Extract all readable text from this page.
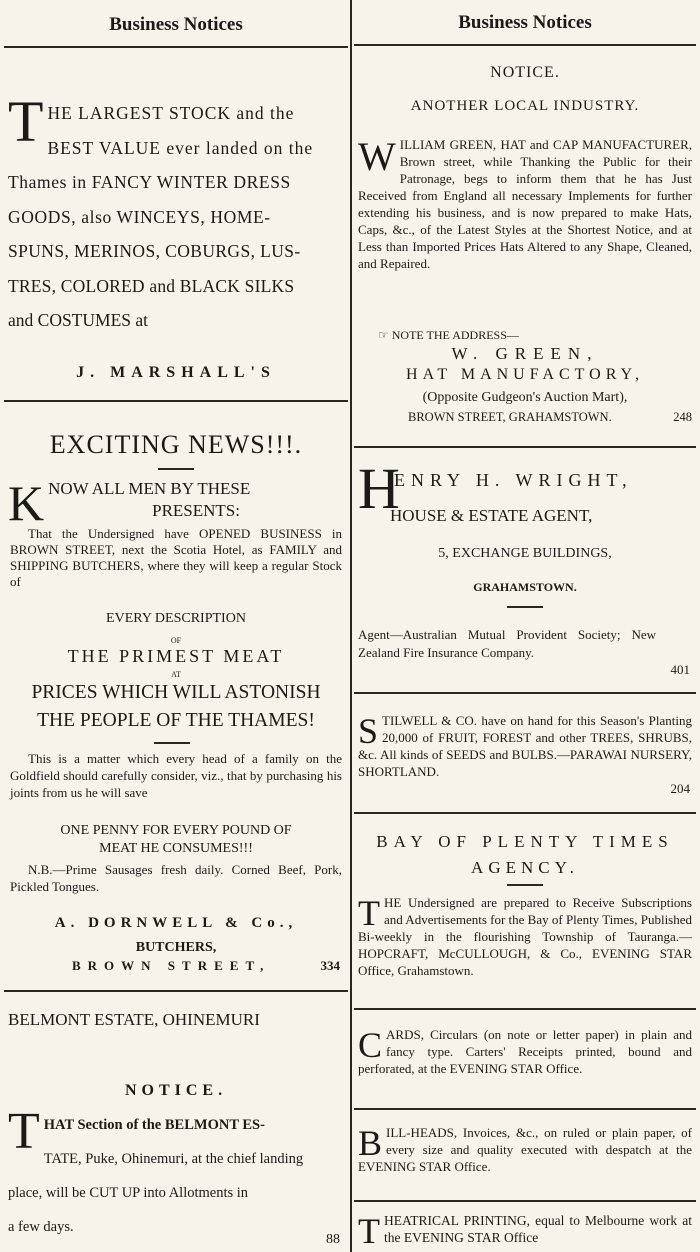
Business Notices
T HE LARGEST STOCK and the

BEST VALUE ever landed on the

Thames in FANCY WINTER DRESS

GOODS, also WINCEYS, HOME-

SPUNS, MERINOS, COBURGS, LUS-

TRES, COLORED and BLACK SILKS

and COSTUMES at

J. MARSHALL'S
EXCITING NEWS!!!.
K NOW ALL MEN BY THESE

PRESENTS:

That the Undersigned have OPENED BUSINESS in BROWN STREET, next the Scotia Hotel, as FAMILY and SHIPPING BUTCHERS, where they will keep a regular Stock of
EVERY DESCRIPTION
OF
THE PRIMEST MEAT
AT
PRICES WHICH WILL ASTONISH
THE PEOPLE OF THE THAMES!
This is a matter which every head of a family on the Goldfield should carefully consider, viz., that by purchasing his joints from us he will save
ONE PENNY FOR EVERY POUND OF
MEAT HE CONSUMES!!!
N.B.—Prime Sausages fresh daily. Corned Beef, Pork, Pickled Tongues.
A. DORNWELL & Co.,
BUTCHERS,
BROWN STREET,	334
BELMONT ESTATE, OHINEMURI
NOTICE.
T HAT Section of the BELMONT ES-

TATE, Puke, Ohinemuri, at the chief landing

place, will be CUT UP into Allotments in

a few days.

88
Business Notices
NOTICE.
ANOTHER LOCAL INDUSTRY.
WILLIAM GREEN, HAT and CAP MANUFACTURER, Brown street, while Thanking the Public for their Patronage, begs to inform them that he has Just Received from England all necessary Implements for further extending his business, and is now prepared to make Hats, Caps, &c., of the Latest Styles at the Shortest Notice, and at Less than Imported Prices Hats Altered to any Shape, Cleaned, and Repaired.
☞ NOTE THE ADDRESS—
W. GREEN,
HAT MANUFACTORY,
(Opposite Gudgeon's Auction Mart),
BROWN STREET, GRAHAMSTOWN.	248
H
ENRY H. WRIGHT,
HOUSE & ESTATE AGENT,
5, EXCHANGE BUILDINGS,
GRAHAMSTOWN.
Agent—Australian Mutual Provident Society; New Zealand Fire Insurance Company.
401
STILWELL & CO. have on hand for this Season's Planting 20,000 of FRUIT, FOREST and other TREES, SHRUBS, &c. All kinds of SEEDS and BULBS.—PARAWAI NURSERY, SHORTLAND.
204
BAY OF PLENTY TIMES
AGENCY.
THE Undersigned are prepared to Receive Subscriptions and Advertisements for the Bay of Plenty Times, Published Bi-weekly in the flourishing Township of Tauranga.—HOPCRAFT, McCULLOUGH, & Co., EVENING STAR Office, Grahamstown.
CARDS, Circulars (on note or letter paper) in plain and fancy type. Carters' Receipts printed, bound and perforated, at the EVENING STAR Office.
BILL-HEADS, Invoices, &c., on ruled or plain paper, of every size and quality executed with despatch at the EVENING STAR Office.
THEATRICAL PRINTING, equal to Melbourne work at the EVENING STAR Office
